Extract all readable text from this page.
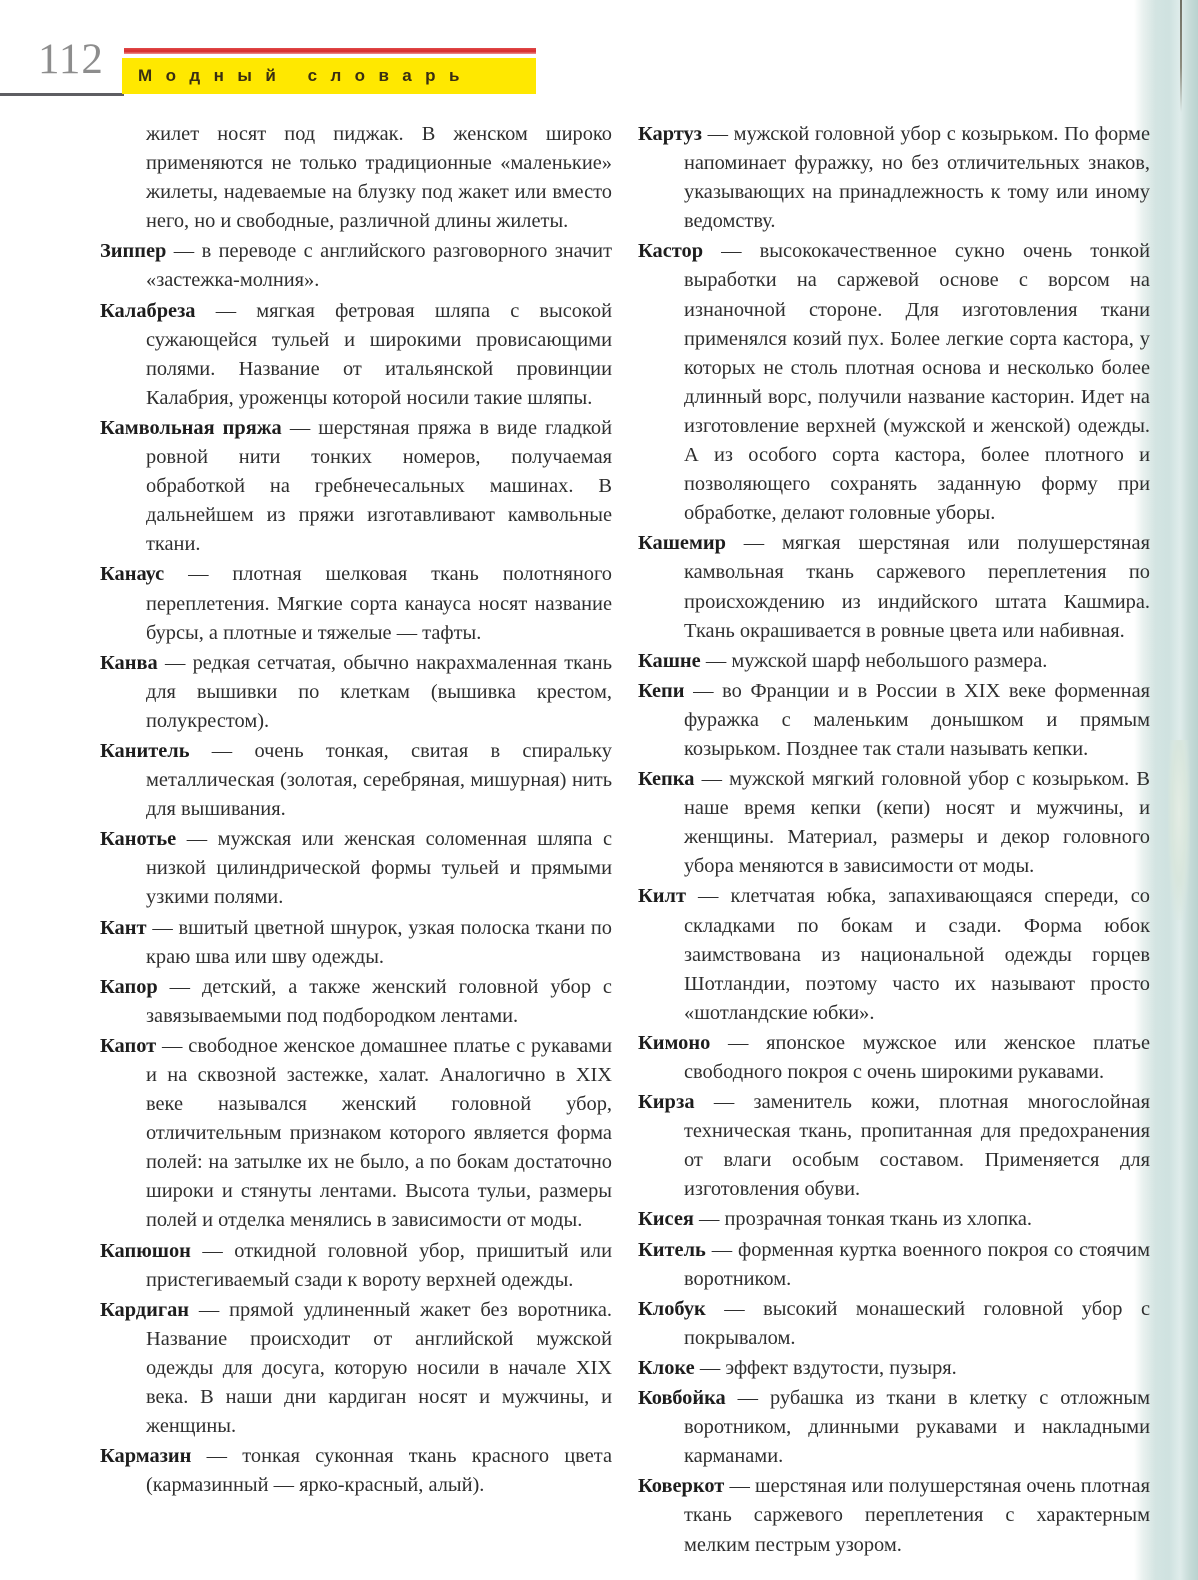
112 Модный словарь

жилет носят под пиджак. В женском широко применяются не только традиционные «маленькие» жилеты, надеваемые на блузку под жакет или вместо него, но и свободные, различной длины жилеты.

Зиппер — в переводе с английского разговорного значит «застежка-молния».

Калабреза — мягкая фетровая шляпа с высокой сужающейся тульей и широкими провисающими полями. Название от итальянской провинции Калабрия, уроженцы которой носили такие шляпы.

Камвольная пряжа — шерстяная пряжа в виде гладкой ровной нити тонких номеров, получаемая обработкой на гребнечесальных машинах. В дальнейшем из пряжи изготавливают камвольные ткани.

Канаус — плотная шелковая ткань полотняного переплетения. Мягкие сорта канауса носят название бурсы, а плотные и тяжелые — тафты.

Канва — редкая сетчатая, обычно накрахмаленная ткань для вышивки по клеткам (вышивка крестом, полукрестом).

Канитель — очень тонкая, свитая в спиральку металлическая (золотая, серебряная, мишурная) нить для вышивания.

Канотье — мужская или женская соломенная шляпа с низкой цилиндрической формы тульей и прямыми узкими полями.

Кант — вшитый цветной шнурок, узкая полоска ткани по краю шва или шву одежды.

Капор — детский, а также женский головной убор с завязываемыми под подбородком лентами.

Капот — свободное женское домашнее платье с рукавами и на сквозной застежке, халат. Аналогично в XIX веке назывался женский головной убор, отличительным признаком которого является форма полей: на затылке их не было, а по бокам достаточно широки и стянуты лентами. Высота тульи, размеры полей и отделка менялись в зависимости от моды.

Капюшон — откидной головной убор, пришитый или пристегиваемый сзади к вороту верхней одежды.

Кардиган — прямой удлиненный жакет без воротника. Название происходит от английской мужской одежды для досуга, которую носили в начале XIX века. В наши дни кардиган носят и мужчины, и женщины.

Кармазин — тонкая суконная ткань красного цвета (кармазинный — ярко-красный, алый).

Картуз — мужской головной убор с козырьком. По форме напоминает фуражку, но без отличительных знаков, указывающих на принадлежность к тому или иному ведомству.

Кастор — высококачественное сукно очень тонкой выработки на саржевой основе с ворсом на изнаночной стороне. Для изготовления ткани применялся козий пух. Более легкие сорта кастора, у которых не столь плотная основа и несколько более длинный ворс, получили название касторин. Идет на изготовление верхней (мужской и женской) одежды. А из особого сорта кастора, более плотного и позволяющего сохранять заданную форму при обработке, делают головные уборы.

Кашемир — мягкая шерстяная или полушерстяная камвольная ткань саржевого переплетения по происхождению из индийского штата Кашмира. Ткань окрашивается в ровные цвета или набивная.

Кашне — мужской шарф небольшого размера.

Кепи — во Франции и в России в XIX веке форменная фуражка с маленьким донышком и прямым козырьком. Позднее так стали называть кепки.

Кепка — мужской мягкий головной убор с козырьком. В наше время кепки (кепи) носят и мужчины, и женщины. Материал, размеры и декор головного убора меняются в зависимости от моды.

Килт — клетчатая юбка, запахивающаяся спереди, со складками по бокам и сзади. Форма юбок заимствована из национальной одежды горцев Шотландии, поэтому часто их называют просто «шотландские юбки».

Кимоно — японское мужское или женское платье свободного покроя с очень широкими рукавами.

Кирза — заменитель кожи, плотная многослойная техническая ткань, пропитанная для предохранения от влаги особым составом. Применяется для изготовления обуви.

Кисея — прозрачная тонкая ткань из хлопка.

Китель — форменная куртка военного покроя со стоячим воротником.

Клобук — высокий монашеский головной убор с покрывалом.

Клоке — эффект вздутости, пузыря.

Ковбойка — рубашка из ткани в клетку с отложным воротником, длинными рукавами и накладными карманами.

Коверкот — шерстяная или полушерстяная очень плотная ткань саржевого переплетения с характерным мелким пестрым узором.
